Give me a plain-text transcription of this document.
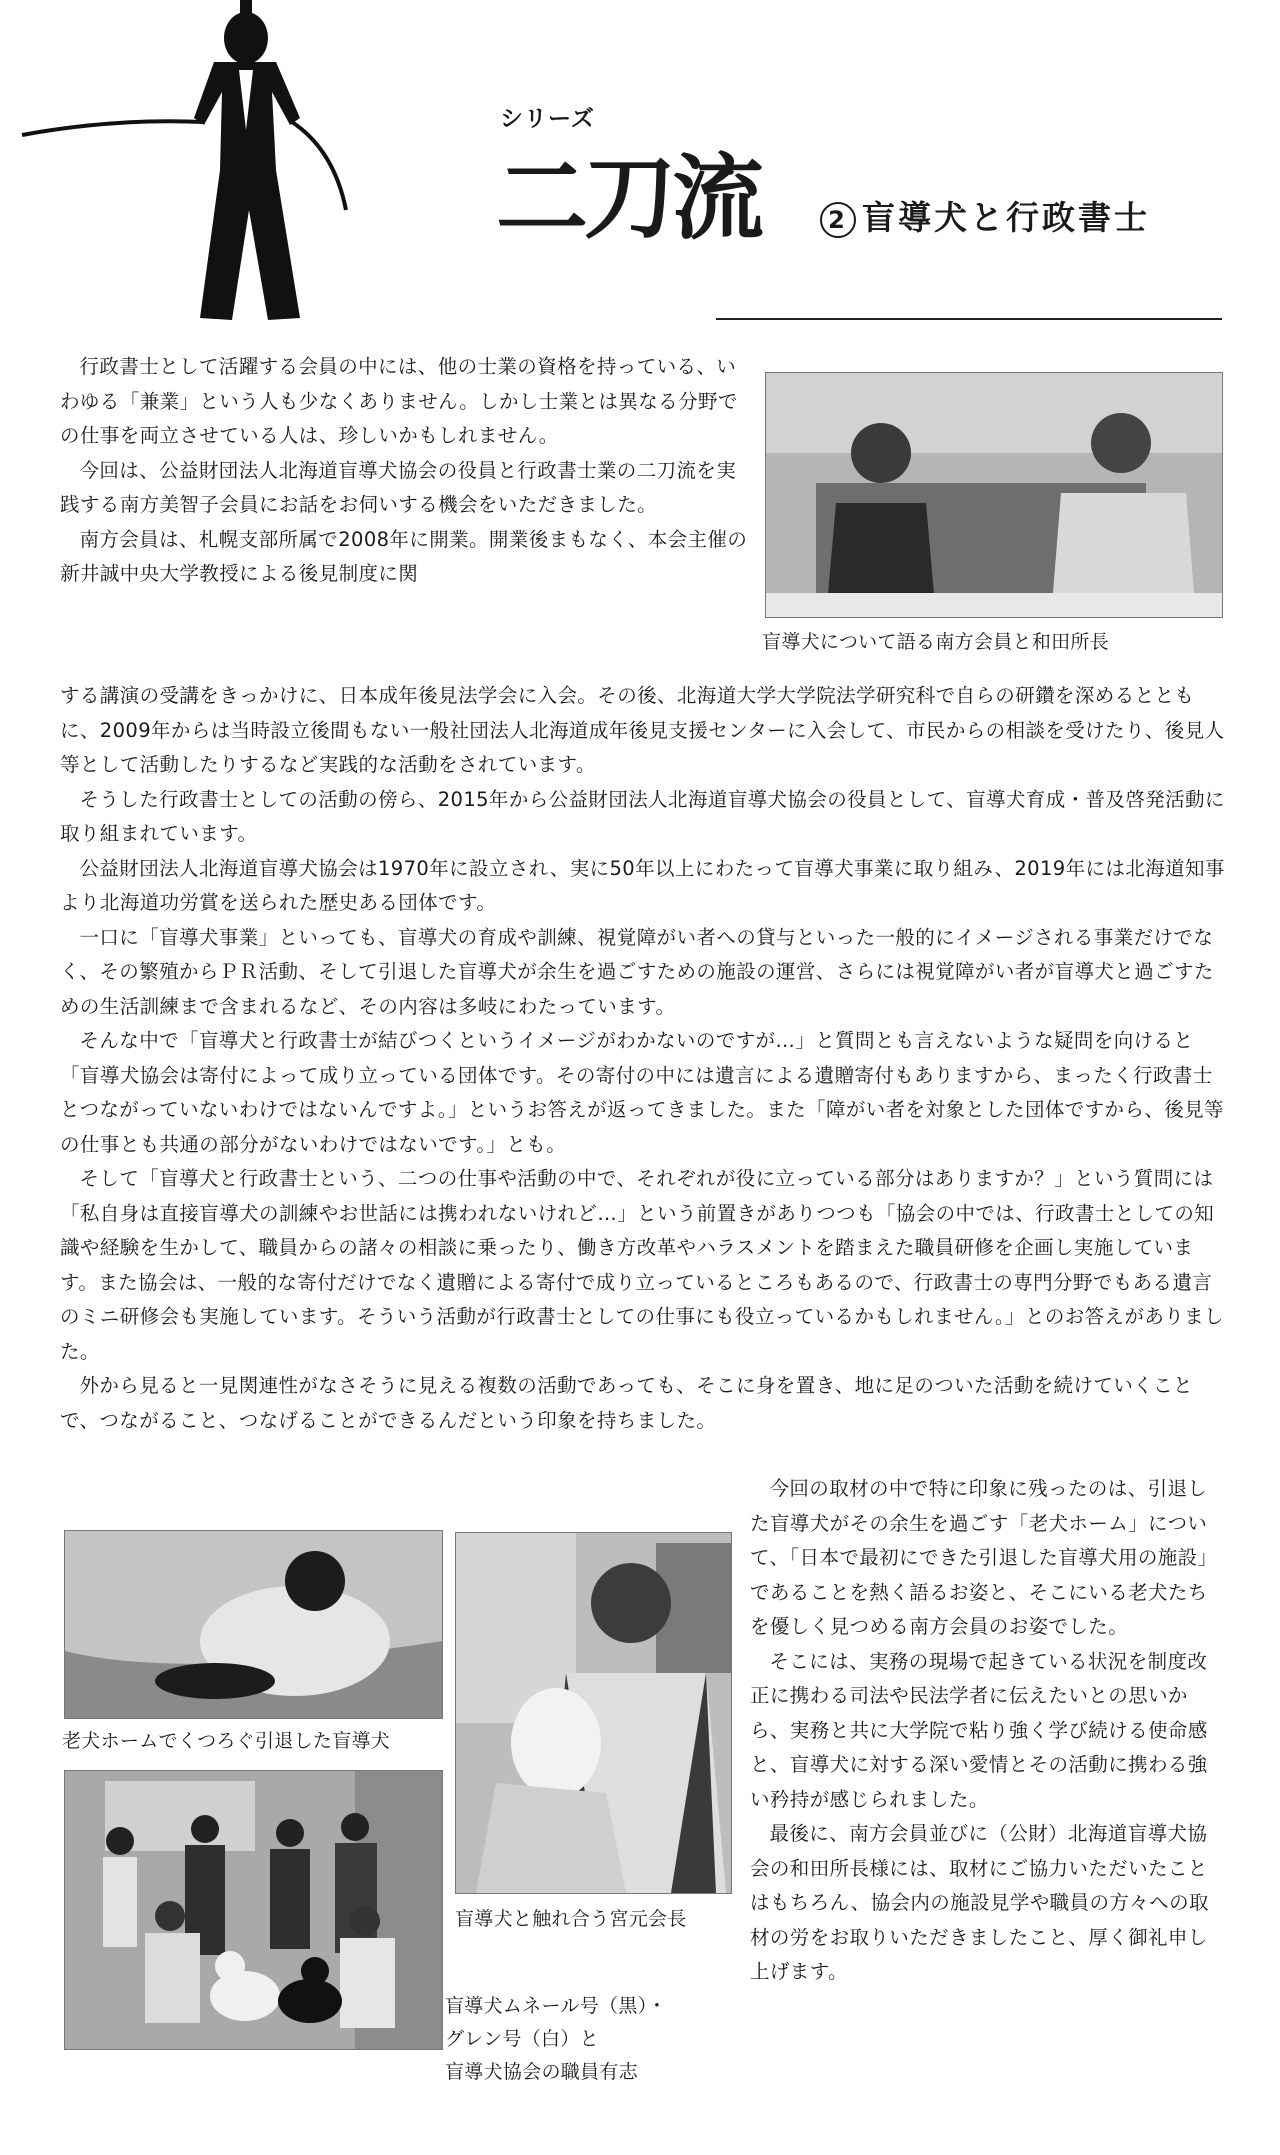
シリーズ
二刀流	2 盲導犬と行政書士

行政書士として活躍する会員の中には、他の士業の資格を持っている、いわゆる「兼業」という人も少なくありません。しかし士業とは異なる分野での仕事を両立させている人は、珍しいかもしれません。

今回は、公益財団法人北海道盲導犬協会の役員と行政書士業の二刀流を実践する南方美智子会員にお話をお伺いする機会をいただきました。

南方会員は、札幌支部所属で2008年に開業。開業後まもなく、本会主催の新井誠中央大学教授による後見制度に関

盲導犬について語る南方会員と和田所長

する講演の受講をきっかけに、日本成年後見法学会に入会。その後、北海道大学大学院法学研究科で自らの研鑽を深めるとともに、2009年からは当時設立後間もない一般社団法人北海道成年後見支援センターに入会して、市民からの相談を受けたり、後見人等として活動したりするなど実践的な活動をされています。

そうした行政書士としての活動の傍ら、2015年から公益財団法人北海道盲導犬協会の役員として、盲導犬育成・普及啓発活動に取り組まれています。

公益財団法人北海道盲導犬協会は1970年に設立され、実に50年以上にわたって盲導犬事業に取り組み、2019年には北海道知事より北海道功労賞を送られた歴史ある団体です。

一口に「盲導犬事業」といっても、盲導犬の育成や訓練、視覚障がい者への貸与といった一般的にイメージされる事業だけでなく、その繁殖からＰＲ活動、そして引退した盲導犬が余生を過ごすための施設の運営、さらには視覚障がい者が盲導犬と過ごすための生活訓練まで含まれるなど、その内容は多岐にわたっています。

そんな中で「盲導犬と行政書士が結びつくというイメージがわかないのですが…」と質問とも言えないような疑問を向けると「盲導犬協会は寄付によって成り立っている団体です。その寄付の中には遺言による遺贈寄付もありますから、まったく行政書士とつながっていないわけではないんですよ。」というお答えが返ってきました。また「障がい者を対象とした団体ですから、後見等の仕事とも共通の部分がないわけではないです。」とも。

そして「盲導犬と行政書士という、二つの仕事や活動の中で、それぞれが役に立っている部分はありますか？」という質問には「私自身は直接盲導犬の訓練やお世話には携われないけれど…」という前置きがありつつも「協会の中では、行政書士としての知識や経験を生かして、職員からの諸々の相談に乗ったり、働き方改革やハラスメントを踏まえた職員研修を企画し実施しています。また協会は、一般的な寄付だけでなく遺贈による寄付で成り立っているところもあるので、行政書士の専門分野でもある遺言のミニ研修会も実施しています。そういう活動が行政書士としての仕事にも役立っているかもしれません。」とのお答えがありました。

外から見ると一見関連性がなさそうに見える複数の活動であっても、そこに身を置き、地に足のついた活動を続けていくことで、つながること、つなげることができるんだという印象を持ちました。

老犬ホームでくつろぐ引退した盲導犬
盲導犬と触れ合う宮元会長
盲導犬ムネール号（黒）・
グレン号（白）と
盲導犬協会の職員有志

今回の取材の中で特に印象に残ったのは、引退した盲導犬がその余生を過ごす「老犬ホーム」について、「日本で最初にできた引退した盲導犬用の施設」であることを熱く語るお姿と、そこにいる老犬たちを優しく見つめる南方会員のお姿でした。

そこには、実務の現場で起きている状況を制度改正に携わる司法や民法学者に伝えたいとの思いから、実務と共に大学院で粘り強く学び続ける使命感と、盲導犬に対する深い愛情とその活動に携わる強い矜持が感じられました。

最後に、南方会員並びに（公財）北海道盲導犬協会の和田所長様には、取材にご協力いただいたことはもちろん、協会内の施設見学や職員の方々への取材の労をお取りいただきましたこと、厚く御礼申し上げます。
